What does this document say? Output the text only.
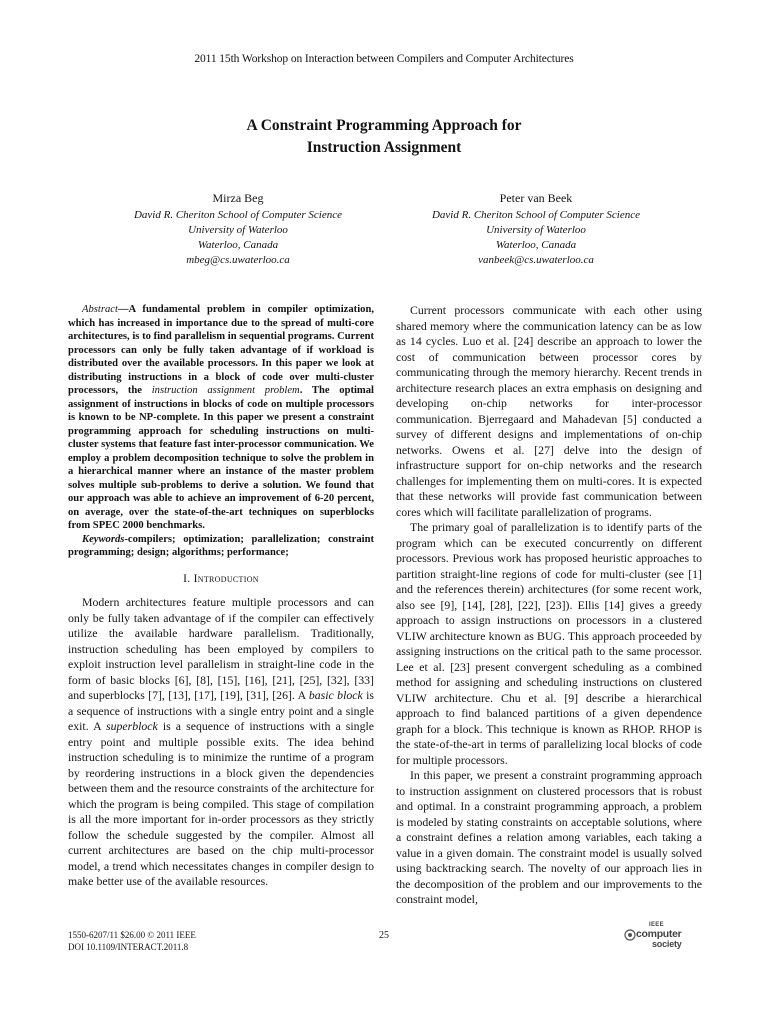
2011 15th Workshop on Interaction between Compilers and Computer Architectures
A Constraint Programming Approach for
Instruction Assignment
Mirza Beg
David R. Cheriton School of Computer Science
University of Waterloo
Waterloo, Canada
mbeg@cs.uwaterloo.ca
Peter van Beek
David R. Cheriton School of Computer Science
University of Waterloo
Waterloo, Canada
vanbeek@cs.uwaterloo.ca

Abstract—A fundamental problem in compiler optimization, which has increased in importance due to the spread of multi-core architectures, is to find parallelism in sequential programs. Current processors can only be fully taken advantage of if workload is distributed over the available processors. In this paper we look at distributing instructions in a block of code over multi-cluster processors, the instruction assignment problem. The optimal assignment of instructions in blocks of code on multiple processors is known to be NP-complete. In this paper we present a constraint programming approach for scheduling instructions on multi-cluster systems that feature fast inter-processor communication. We employ a problem decomposition technique to solve the problem in a hierarchical manner where an instance of the master problem solves multiple sub-problems to derive a solution. We found that our approach was able to achieve an improvement of 6-20 percent, on average, over the state-of-the-art techniques on superblocks from SPEC 2000 benchmarks.

Keywords-compilers; optimization; parallelization; constraint programming; design; algorithms; performance;

I. Introduction

Modern architectures feature multiple processors and can only be fully taken advantage of if the compiler can effectively utilize the available hardware parallelism. Traditionally, instruction scheduling has been employed by compilers to exploit instruction level parallelism in straight-line code in the form of basic blocks [6], [8], [15], [16], [21], [25], [32], [33] and superblocks [7], [13], [17], [19], [31], [26]. A basic block is a sequence of instructions with a single entry point and a single exit. A superblock is a sequence of instructions with a single entry point and multiple possible exits. The idea behind instruction scheduling is to minimize the runtime of a program by reordering instructions in a block given the dependencies between them and the resource constraints of the architecture for which the program is being compiled. This stage of compilation is all the more important for in-order processors as they strictly follow the schedule suggested by the compiler. Almost all current architectures are based on the chip multi-processor model, a trend which necessitates changes in compiler design to make better use of the available resources.

Current processors communicate with each other using shared memory where the communication latency can be as low as 14 cycles. Luo et al. [24] describe an approach to lower the cost of communication between processor cores by communicating through the memory hierarchy. Recent trends in architecture research places an extra emphasis on designing and developing on-chip networks for inter-processor communication. Bjerregaard and Mahadevan [5] conducted a survey of different designs and implementations of on-chip networks. Owens et al. [27] delve into the design of infrastructure support for on-chip networks and the research challenges for implementing them on multi-cores. It is expected that these networks will provide fast communication between cores which will facilitate parallelization of programs.

The primary goal of parallelization is to identify parts of the program which can be executed concurrently on different processors. Previous work has proposed heuristic approaches to partition straight-line regions of code for multi-cluster (see [1] and the references therein) architectures (for some recent work, also see [9], [14], [28], [22], [23]). Ellis [14] gives a greedy approach to assign instructions on processors in a clustered VLIW architecture known as BUG. This approach proceeded by assigning instructions on the critical path to the same processor. Lee et al. [23] present convergent scheduling as a combined method for assigning and scheduling instructions on clustered VLIW architecture. Chu et al. [9] describe a hierarchical approach to find balanced partitions of a given dependence graph for a block. This technique is known as RHOP. RHOP is the state-of-the-art in terms of parallelizing local blocks of code for multiple processors.

In this paper, we present a constraint programming approach to instruction assignment on clustered processors that is robust and optimal. In a constraint programming approach, a problem is modeled by stating constraints on acceptable solutions, where a constraint defines a relation among variables, each taking a value in a given domain. The constraint model is usually solved using backtracking search. The novelty of our approach lies in the decomposition of the problem and our improvements to the constraint model,

1550-6207/11 $26.00 © 2011 IEEE
DOI 10.1109/INTERACT.2011.8
25
IEEE
computer
society
